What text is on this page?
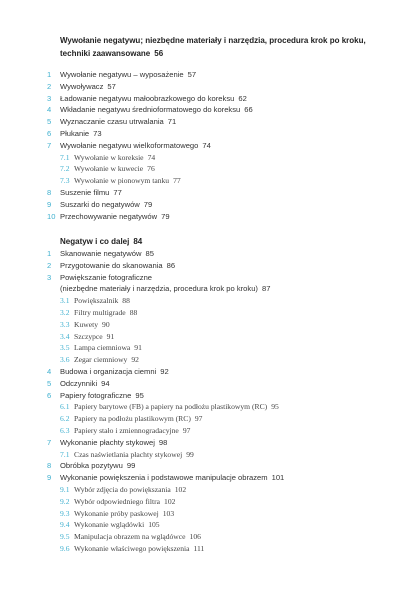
Wywołanie negatywu; niezbędne materiały i narzędzia, procedura krok po kroku, techniki zaawansowane 56
1 Wywołanie negatywu – wyposażenie 57
2 Wywoływacz 57
3 Ładowanie negatywu małoobrazkowego do koreksu 62
4 Wkładanie negatywu średnioformatowego do koreksu 66
5 Wyznaczanie czasu utrwalania 71
6 Płukanie 73
7 Wywołanie negatywu wielkoformatowego 74
7.1 Wywołanie w koreksie 74
7.2 Wywołanie w kuwecie 76
7.3 Wywołanie w pionowym tanku 77
8 Suszenie filmu 77
9 Suszarki do negatywów 79
10 Przechowywanie negatywów 79
Negatyw i co dalej 84
1 Skanowanie negatywów 85
2 Przygotowanie do skanowania 86
3 Powiększanie fotograficzne
(niezbędne materiały i narzędzia, procedura krok po kroku) 87
3.1 Powiększalnik 88
3.2 Filtry multigrade 88
3.3 Kuwety 90
3.4 Szczypce 91
3.5 Lampa ciemniowa 91
3.6 Zegar ciemniowy 92
4 Budowa i organizacja ciemni 92
5 Odczynniki 94
6 Papiery fotograficzne 95
6.1 Papiery barytowe (FB) a papiery na podłożu plastikowym (RC) 95
6.2 Papiery na podłożu plastikowym (RC) 97
6.3 Papiery stało i zmiennogradacyjne 97
7 Wykonanie płachty stykowej 98
7.1 Czas naświetlania płachty stykowej 99
8 Obróbka pozytywu 99
9 Wykonanie powiększenia i podstawowe manipulacje obrazem 101
9.1 Wybór zdjęcia do powiększania 102
9.2 Wybór odpowiedniego filtra 102
9.3 Wykonanie próby paskowej 103
9.4 Wykonanie wglądówki 105
9.5 Manipulacja obrazem na wglądówce 106
9.6 Wykonanie właściwego powiększenia 111
